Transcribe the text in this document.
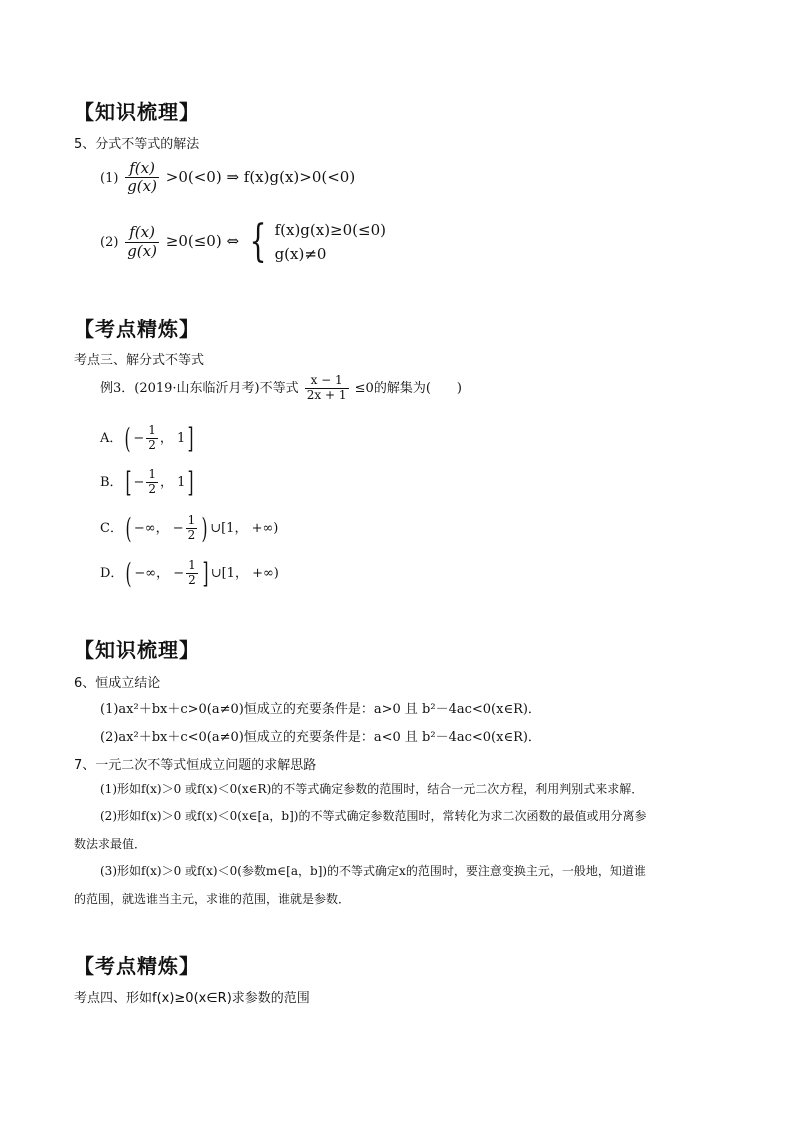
【知识梳理】
5、分式不等式的解法
$(1) \frac{f(x)}{g(x)} >0(<0)$ ⇒ f(x)g(x)>0(<0)
$(2) \frac{f(x)}{g(x)} \ge 0(\le 0)$ ⇔ { f(x)g(x)≥0(≤0)
g(x)≠0
【考点精炼】
考点三、解分式不等式
例3．(2019·山东临沂月考)不等式 $\frac{x - 1}{2x + 1} \le 0$的解集为(　　)
A．( − $\frac{1}{2}$ ， 1]
B．[ − $\frac{1}{2}$ ， 1]
C．( −∞， − $\frac{1}{2}$ ) ∪[1， +∞)
D．( −∞， − $\frac{1}{2}$ ] ∪[1， +∞)
【知识梳理】
6、恒成立结论
(1)ax²＋bx＋c>0(a≠0)恒成立的充要条件是：a>0 且 b²－4ac<0(x∈R)．
(2)ax²＋bx＋c<0(a≠0)恒成立的充要条件是：a<0 且 b²－4ac<0(x∈R)．
7、一元二次不等式恒成立问题的求解思路
(1)形如f(x)＞0 或f(x)＜0(x∈R)的不等式确定参数的范围时，结合一元二次方程，利用判别式来求解．
(2)形如f(x)＞0 或f(x)＜0(x∈[a，b])的不等式确定参数范围时，常转化为求二次函数的最值或用分离参
数法求最值．
(3)形如f(x)＞0 或f(x)＜0(参数m∈[a，b])的不等式确定x的范围时，要注意变换主元，一般地，知道谁
的范围，就选谁当主元，求谁的范围，谁就是参数．
【考点精炼】
考点四、形如f(x)≥0(x∈R)求参数的范围
